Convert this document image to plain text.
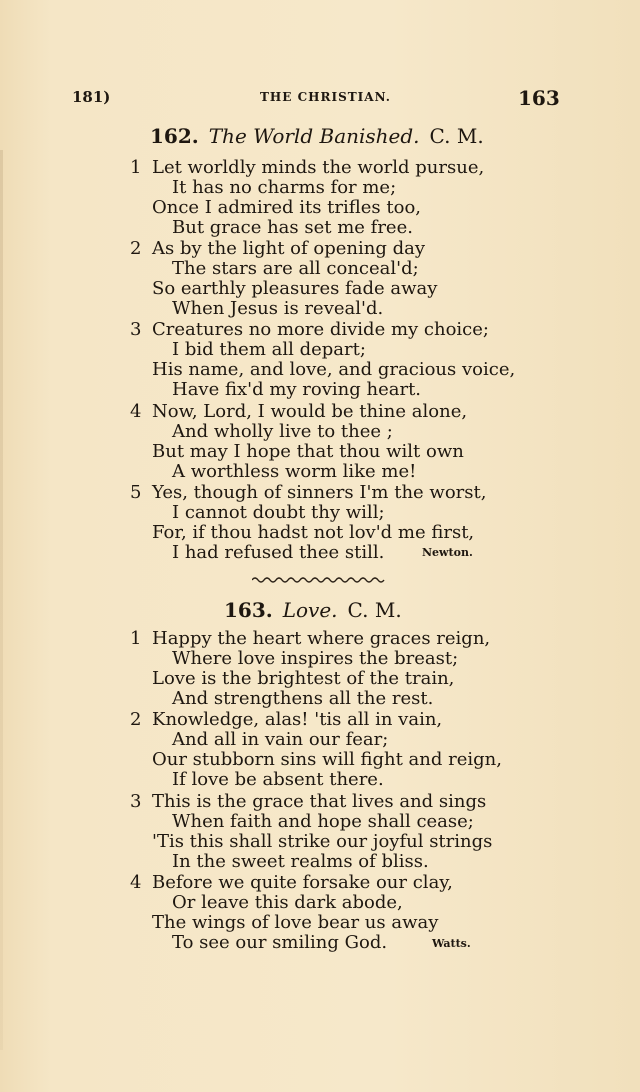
181)	THE CHRISTIAN.	163
162. The World Banished. C. M.
1 Let worldly minds the world pursue,
It has no charms for me;
Once I admired its trifles too,
But grace has set me free.
2 As by the light of opening day
The stars are all conceal'd;
So earthly pleasures fade away
When Jesus is reveal'd.
3 Creatures no more divide my choice;
I bid them all depart;
His name, and love, and gracious voice,
Have fix'd my roving heart.
4 Now, Lord, I would be thine alone,
And wholly live to thee ;
But may I hope that thou wilt own
A worthless worm like me!
5 Yes, though of sinners I'm the worst,
I cannot doubt thy will;
For, if thou hadst not lov'd me first,
I had refused thee still.	Newton.
163. Love. C. M.
1 Happy the heart where graces reign,
Where love inspires the breast;
Love is the brightest of the train,
And strengthens all the rest.
2 Knowledge, alas! 'tis all in vain,
And all in vain our fear;
Our stubborn sins will fight and reign,
If love be absent there.
3 This is the grace that lives and sings
When faith and hope shall cease;
'Tis this shall strike our joyful strings
In the sweet realms of bliss.
4 Before we quite forsake our clay,
Or leave this dark abode,
The wings of love bear us away
To see our smiling God.	Watts.
